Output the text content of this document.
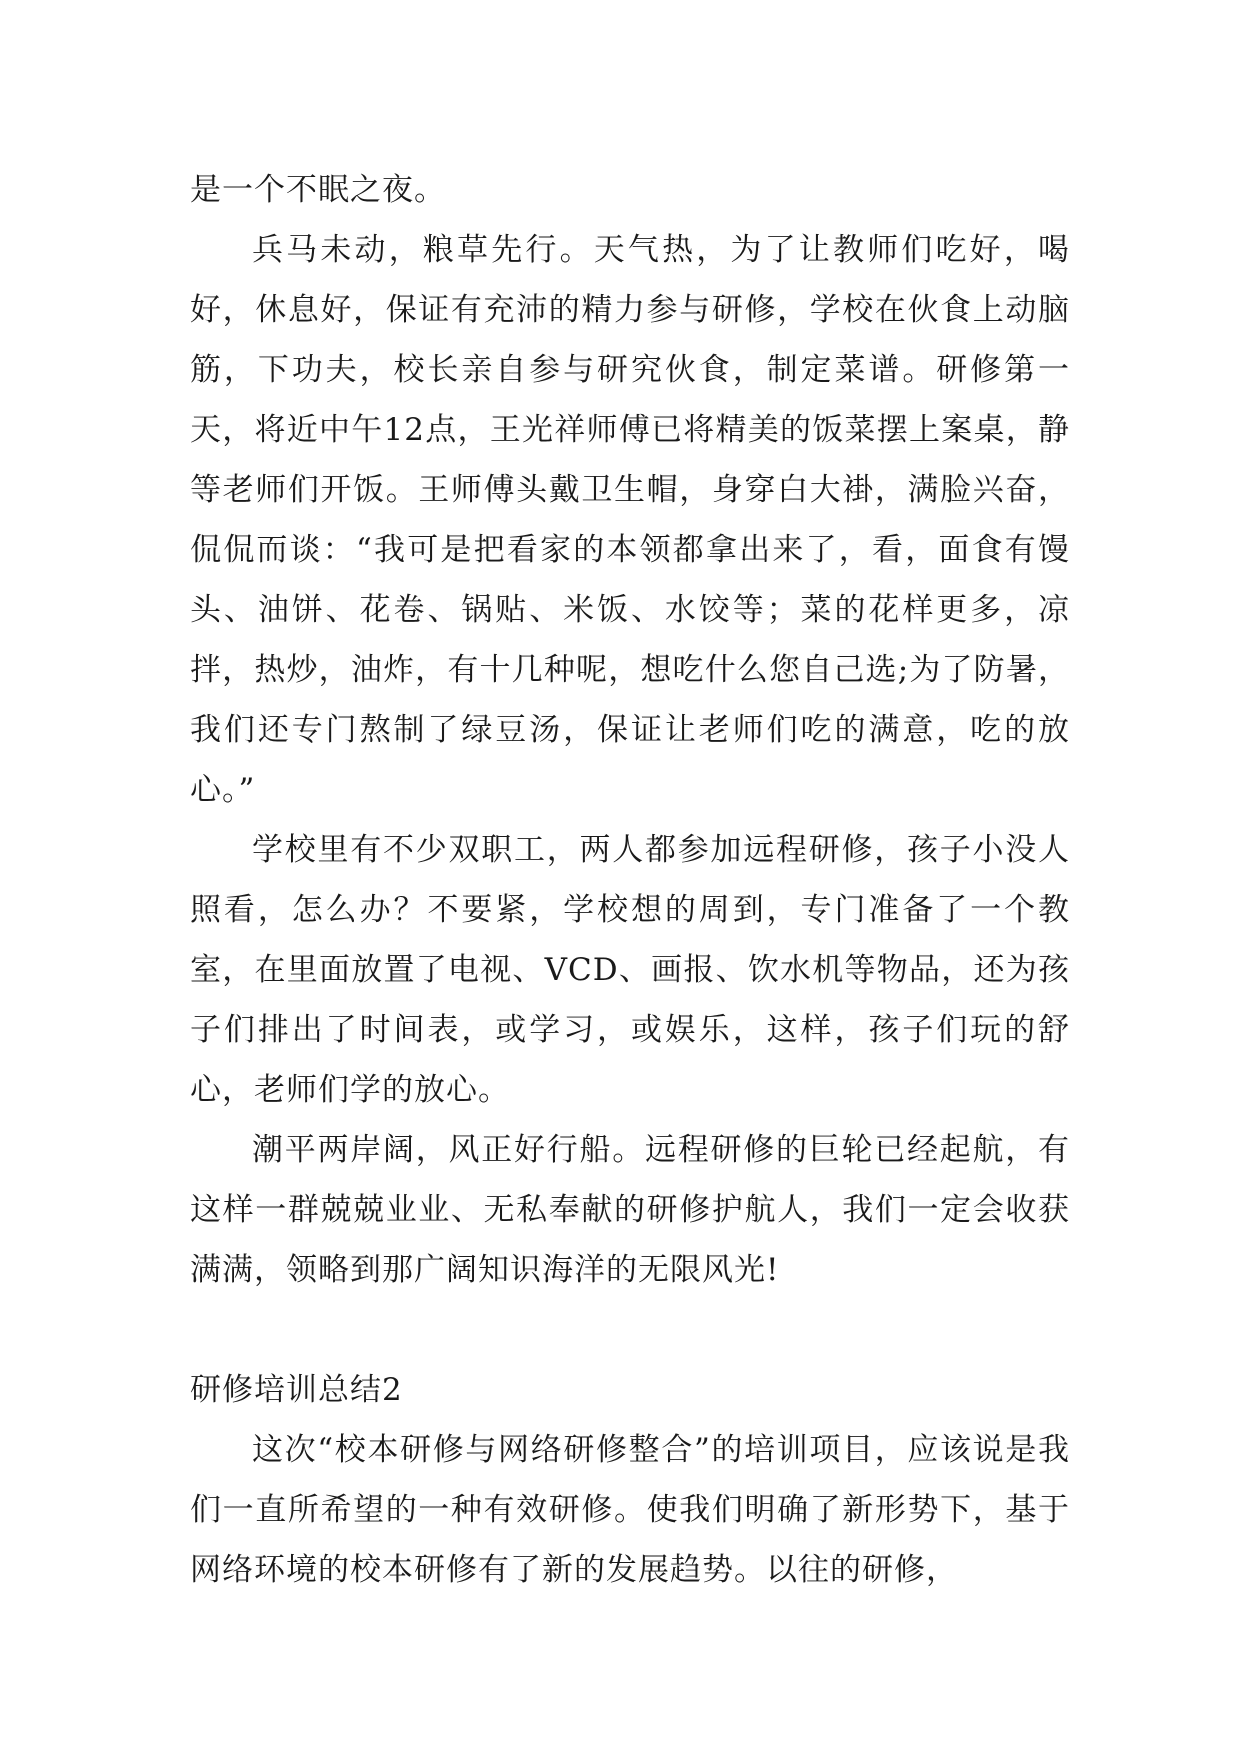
是一个不眠之夜。

兵马未动，粮草先行。天气热，为了让教师们吃好，喝好，休息好，保证有充沛的精力参与研修，学校在伙食上动脑筋，下功夫，校长亲自参与研究伙食，制定菜谱。研修第一天，将近中午12点，王光祥师傅已将精美的饭菜摆上案桌，静等老师们开饭。王师傅头戴卫生帽，身穿白大褂，满脸兴奋，侃侃而谈：“我可是把看家的本领都拿出来了，看，面食有馒头、油饼、花卷、锅贴、米饭、水饺等；菜的花样更多，凉拌，热炒，油炸，有十几种呢，想吃什么您自己选;为了防暑，我们还专门熬制了绿豆汤，保证让老师们吃的满意，吃的放心。”

学校里有不少双职工，两人都参加远程研修，孩子小没人照看，怎么办？不要紧，学校想的周到，专门准备了一个教室，在里面放置了电视、VCD、画报、饮水机等物品，还为孩子们排出了时间表，或学习，或娱乐，这样，孩子们玩的舒心，老师们学的放心。

潮平两岸阔，风正好行船。远程研修的巨轮已经起航，有这样一群兢兢业业、无私奉献的研修护航人，我们一定会收获满满，领略到那广阔知识海洋的无限风光!

研修培训总结2

这次“校本研修与网络研修整合”的培训项目，应该说是我们一直所希望的一种有效研修。使我们明确了新形势下，基于网络环境的校本研修有了新的发展趋势。以往的研修，
